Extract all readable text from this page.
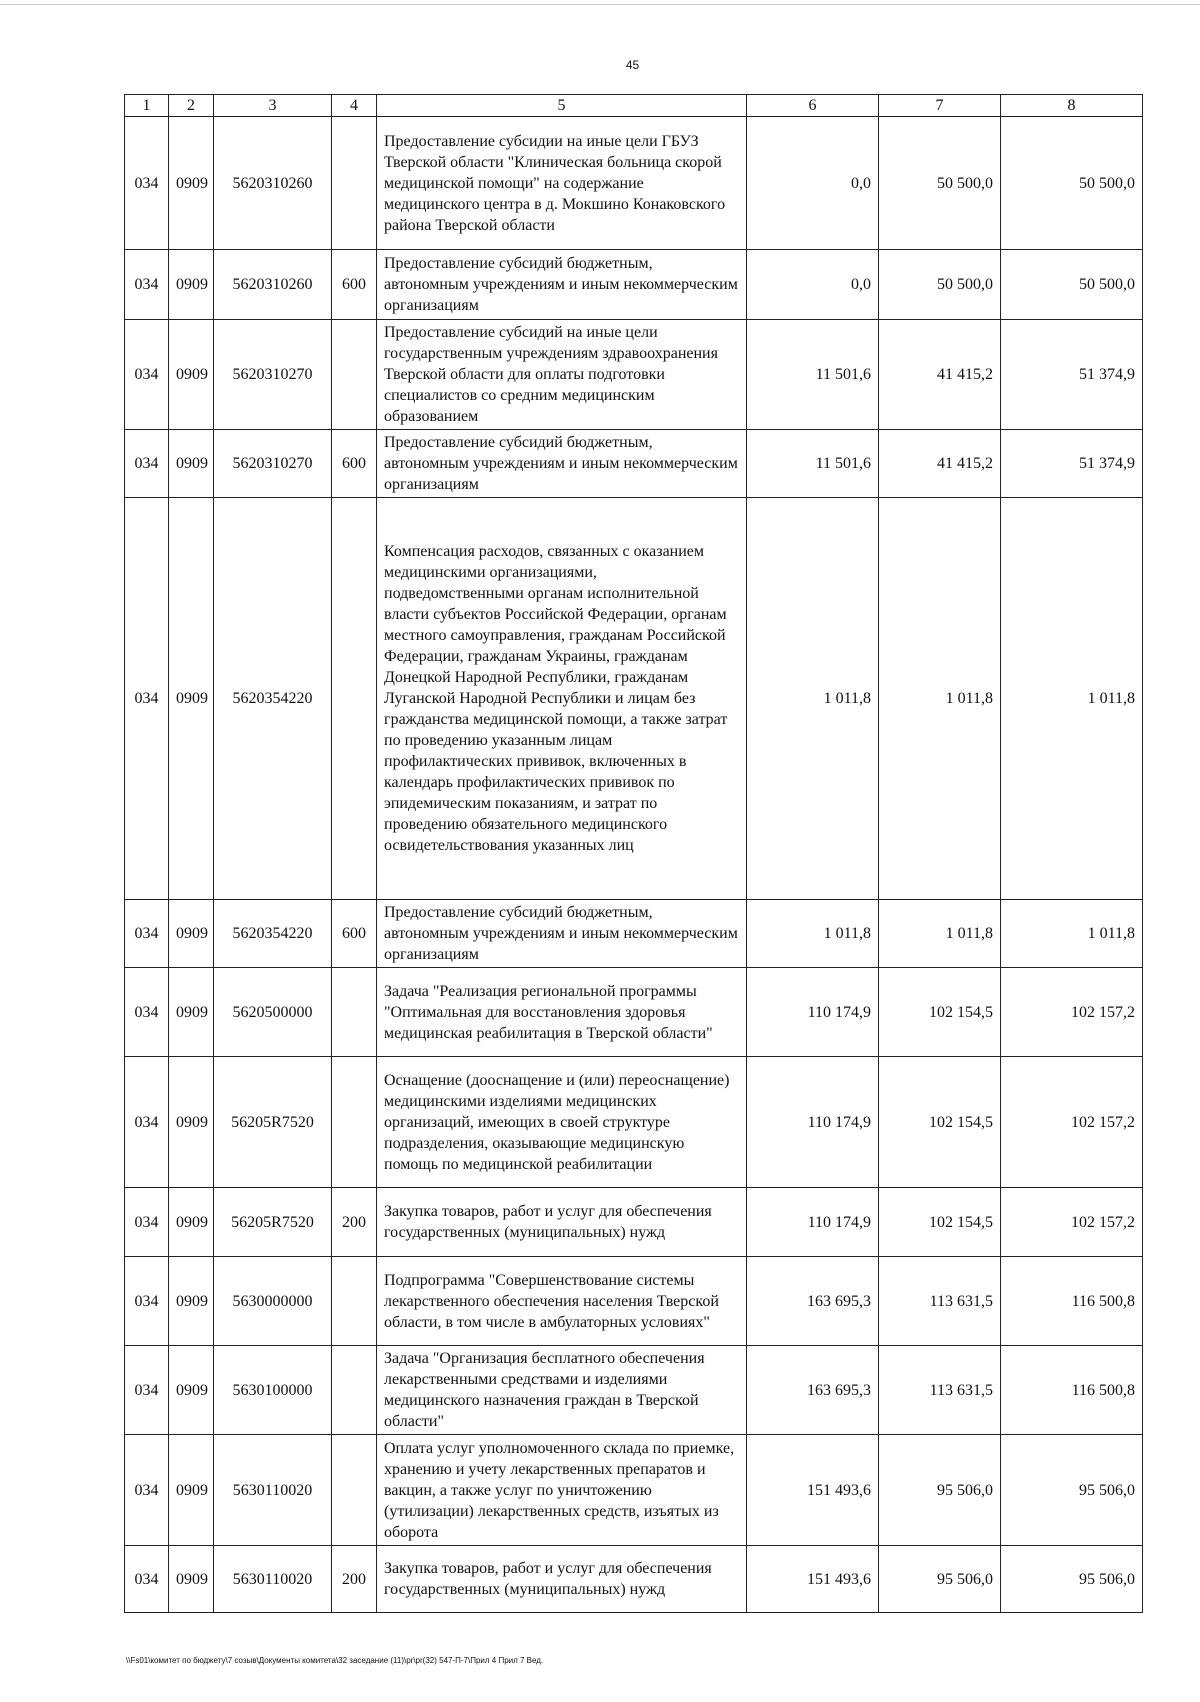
45
1	2	3	4	5	6	7	8
034	0909	5620310260		Предоставление субсидии на иные цели ГБУЗ Тверской области "Клиническая больница скорой медицинской помощи" на содержание медицинского центра в д. Мокшино Конаковского района Тверской области	0,0	50 500,0	50 500,0
034	0909	5620310260	600	Предоставление субсидий бюджетным, автономным учреждениям и иным некоммерческим организациям	0,0	50 500,0	50 500,0
034	0909	5620310270		Предоставление субсидий на иные цели государственным учреждениям здравоохранения Тверской области для оплаты подготовки специалистов со средним медицинским образованием	11 501,6	41 415,2	51 374,9
034	0909	5620310270	600	Предоставление субсидий бюджетным, автономным учреждениям и иным некоммерческим организациям	11 501,6	41 415,2	51 374,9
034	0909	5620354220		Компенсация расходов, связанных с оказанием медицинскими организациями, подведомственными органам исполнительной власти субъектов Российской Федерации, органам местного самоуправления, гражданам Российской Федерации, гражданам Украины, гражданам Донецкой Народной Республики, гражданам Луганской Народной Республики и лицам без гражданства медицинской помощи, а также затрат по проведению указанным лицам профилактических прививок, включенных в календарь профилактических прививок по эпидемическим показаниям, и затрат по проведению обязательного медицинского освидетельствования указанных лиц	1 011,8	1 011,8	1 011,8
034	0909	5620354220	600	Предоставление субсидий бюджетным, автономным учреждениям и иным некоммерческим организациям	1 011,8	1 011,8	1 011,8
034	0909	5620500000		Задача "Реализация региональной программы "Оптимальная для восстановления здоровья медицинская реабилитация в Тверской области"	110 174,9	102 154,5	102 157,2
034	0909	56205R7520		Оснащение (дооснащение и (или) переоснащение) медицинскими изделиями медицинских организаций, имеющих в своей структуре подразделения, оказывающие медицинскую помощь по медицинской реабилитации	110 174,9	102 154,5	102 157,2
034	0909	56205R7520	200	Закупка товаров, работ и услуг для обеспечения государственных (муниципальных) нужд	110 174,9	102 154,5	102 157,2
034	0909	5630000000		Подпрограмма "Совершенствование системы лекарственного обеспечения населения Тверской области, в том числе в амбулаторных условиях"	163 695,3	113 631,5	116 500,8
034	0909	5630100000		Задача "Организация бесплатного обеспечения лекарственными средствами и изделиями медицинского назначения граждан в Тверской области"	163 695,3	113 631,5	116 500,8
034	0909	5630110020		Оплата услуг уполномоченного склада по приемке, хранению и учету лекарственных препаратов и вакцин, а также услуг по уничтожению (утилизации) лекарственных средств, изъятых из оборота	151 493,6	95 506,0	95 506,0
034	0909	5630110020	200	Закупка товаров, работ и услуг для обеспечения государственных (муниципальных) нужд	151 493,6	95 506,0	95 506,0
\\Fs01\комитет по бюджету\7 созыв\Документы комитета\32 заседание (11)\pr\pr(32) 547-П-7\Прил 4 Прил 7 Вед.
